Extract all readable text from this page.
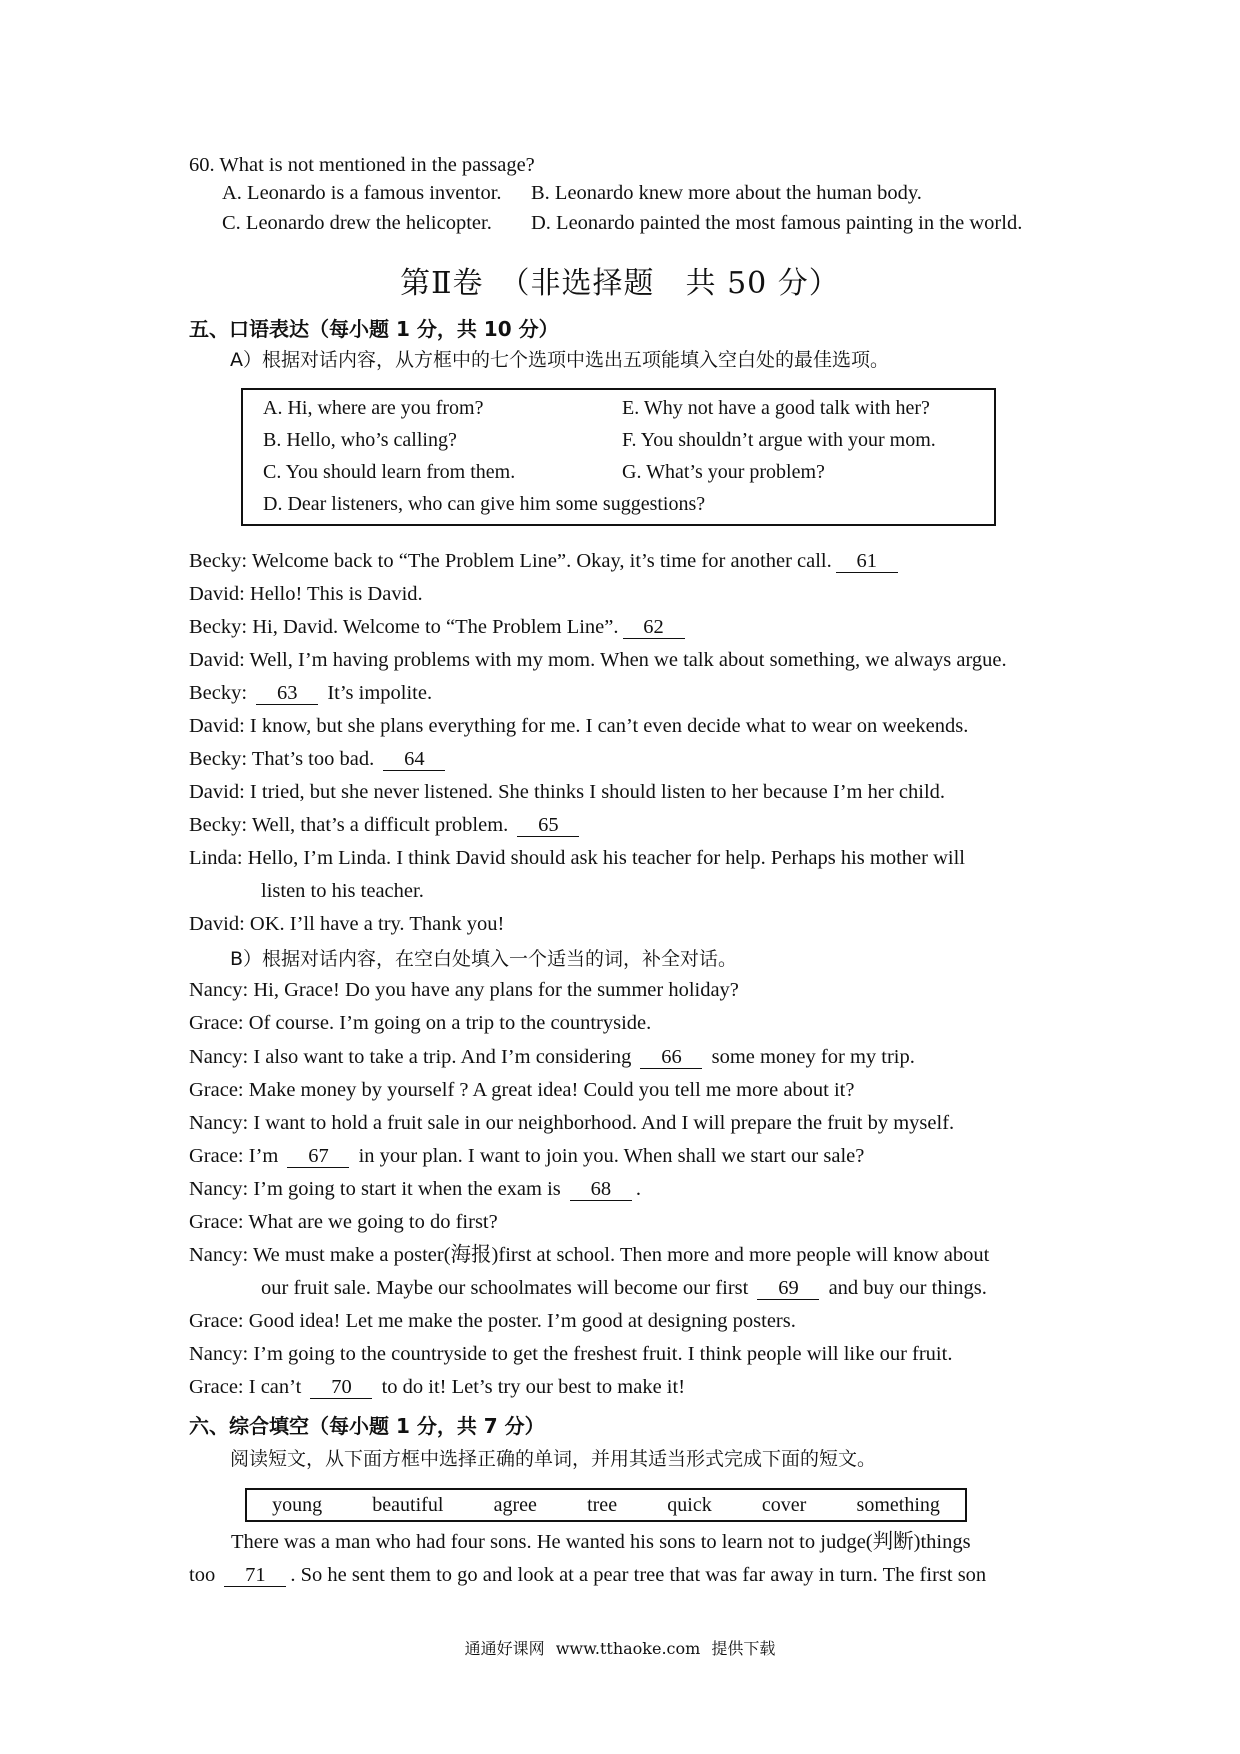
60. What is not mentioned in the passage?
A. Leonardo is a famous inventor. B. Leonardo knew more about the human body.
C. Leonardo drew the helicopter. D. Leonardo painted the most famous painting in the world.
第Ⅱ卷　（非选择题　共 50 分）
五、口语表达（每小题 1 分，共 10 分）
A）根据对话内容，从方框中的七个选项中选出五项能填入空白处的最佳选项。
A. Hi, where are you from?
B. Hello, who’s calling?
C. You should learn from them.
D. Dear listeners, who can give him some suggestions?
E. Why not have a good talk with her?
F. You shouldn’t argue with your mom.
G. What’s your problem?
Becky: Welcome back to “The Problem Line”. Okay, it’s time for another call. 61
David: Hello! This is David.
Becky: Hi, David. Welcome to “The Problem Line”. 62
David: Well, I’m having problems with my mom. When we talk about something, we always argue.
Becky: 63 It’s impolite.
David: I know, but she plans everything for me. I can’t even decide what to wear on weekends.
Becky: That’s too bad. 64
David: I tried, but she never listened. She thinks I should listen to her because I’m her child.
Becky: Well, that’s a difficult problem. 65
Linda: Hello, I’m Linda. I think David should ask his teacher for help. Perhaps his mother will
listen to his teacher.
David: OK. I’ll have a try. Thank you!
B）根据对话内容，在空白处填入一个适当的词，补全对话。
Nancy: Hi, Grace! Do you have any plans for the summer holiday?
Grace: Of course. I’m going on a trip to the countryside.
Nancy: I also want to take a trip. And I’m considering 66 some money for my trip.
Grace: Make money by yourself ? A great idea! Could you tell me more about it?
Nancy: I want to hold a fruit sale in our neighborhood. And I will prepare the fruit by myself.
Grace: I’m 67 in your plan. I want to join you. When shall we start our sale?
Nancy: I’m going to start it when the exam is 68 .
Grace: What are we going to do first?
Nancy: We must make a poster(海报)first at school. Then more and more people will know about
our fruit sale. Maybe our schoolmates will become our first 69 and buy our things.
Grace: Good idea! Let me make the poster. I’m good at designing posters.
Nancy: I’m going to the countryside to get the freshest fruit. I think people will like our fruit.
Grace: I can’t 70 to do it! Let’s try our best to make it!
六、综合填空（每小题 1 分，共 7 分）
阅读短文，从下面方框中选择正确的单词，并用其适当形式完成下面的短文。
young	beautiful	agree	tree	quick	cover	something
There was a man who had four sons. He wanted his sons to learn not to judge(判断)things
too 71 . So he sent them to go and look at a pear tree that was far away in turn. The first son
通通好课网 www.tthaoke.com 提供下载
